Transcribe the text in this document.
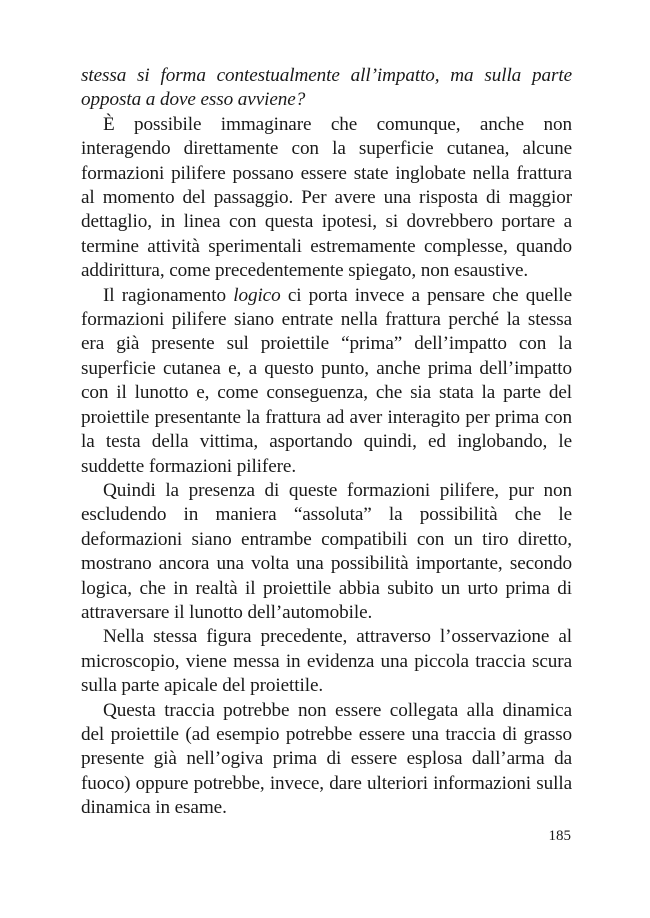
stessa si forma contestualmente all’impatto, ma sulla parte opposta a dove esso avviene?

È possibile immaginare che comunque, anche non interagendo direttamente con la superficie cutanea, alcune formazioni pilifere possano essere state inglobate nella frattura al momento del passaggio. Per avere una risposta di maggior dettaglio, in linea con questa ipotesi, si dovrebbero portare a termine attività sperimentali estremamente complesse, quando addirittura, come precedentemente spiegato, non esaustive.

Il ragionamento logico ci porta invece a pensare che quelle formazioni pilifere siano entrate nella frattura perché la stessa era già presente sul proiettile “prima” dell’impatto con la superficie cutanea e, a questo punto, anche prima dell’impatto con il lunotto e, come conseguenza, che sia stata la parte del proiettile presentante la frattura ad aver interagito per prima con la testa della vittima, asportando quindi, ed inglobando, le suddette formazioni pilifere.

Quindi la presenza di queste formazioni pilifere, pur non escludendo in maniera “assoluta” la possibilità che le deformazioni siano entrambe compatibili con un tiro diretto, mostrano ancora una volta una possibilità importante, secondo logica, che in realtà il proiettile abbia subito un urto prima di attraversare il lunotto dell’automobile.

Nella stessa figura precedente, attraverso l’osservazione al microscopio, viene messa in evidenza una piccola traccia scura sulla parte apicale del proiettile.

Questa traccia potrebbe non essere collegata alla dinamica del proiettile (ad esempio potrebbe essere una traccia di grasso presente già nell’ogiva prima di essere esplosa dall’arma da fuoco) oppure potrebbe, invece, dare ulteriori informazioni sulla dinamica in esame.

185
